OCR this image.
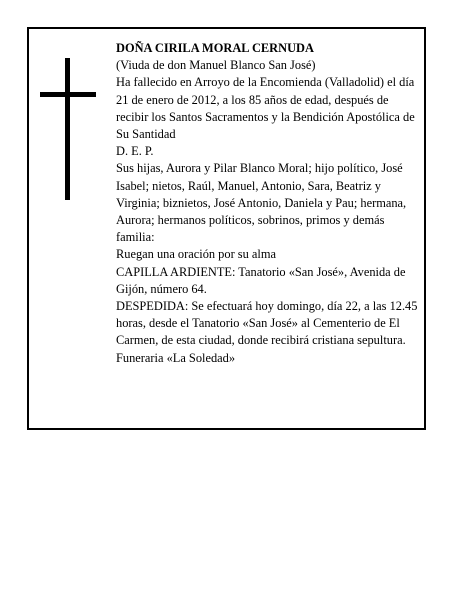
DOÑA CIRILA MORAL CERNUDA

(Viuda de don Manuel Blanco San José)

Ha fallecido en Arroyo de la Encomienda (Valladolid) el día 21 de enero de 2012, a los 85 años de edad, después de recibir los Santos Sacramentos y la Bendición Apostólica de Su Santidad

D. E. P.

Sus hijas, Aurora y Pilar Blanco Moral; hijo político, José Isabel; nietos, Raúl, Manuel, Antonio, Sara, Beatriz y Virginia; biznietos, José Antonio, Daniela y Pau; hermana, Aurora; hermanos políticos, sobrinos, primos y demás familia:

Ruegan una oración por su alma

CAPILLA ARDIENTE: Tanatorio «San José», Avenida de Gijón, número 64.

DESPEDIDA: Se efectuará hoy domingo, día 22, a las 12.45 horas, desde el Tanatorio «San José» al Cementerio de El Carmen, de esta ciudad, donde recibirá cristiana sepultura.

Funeraria «La Soledad»
